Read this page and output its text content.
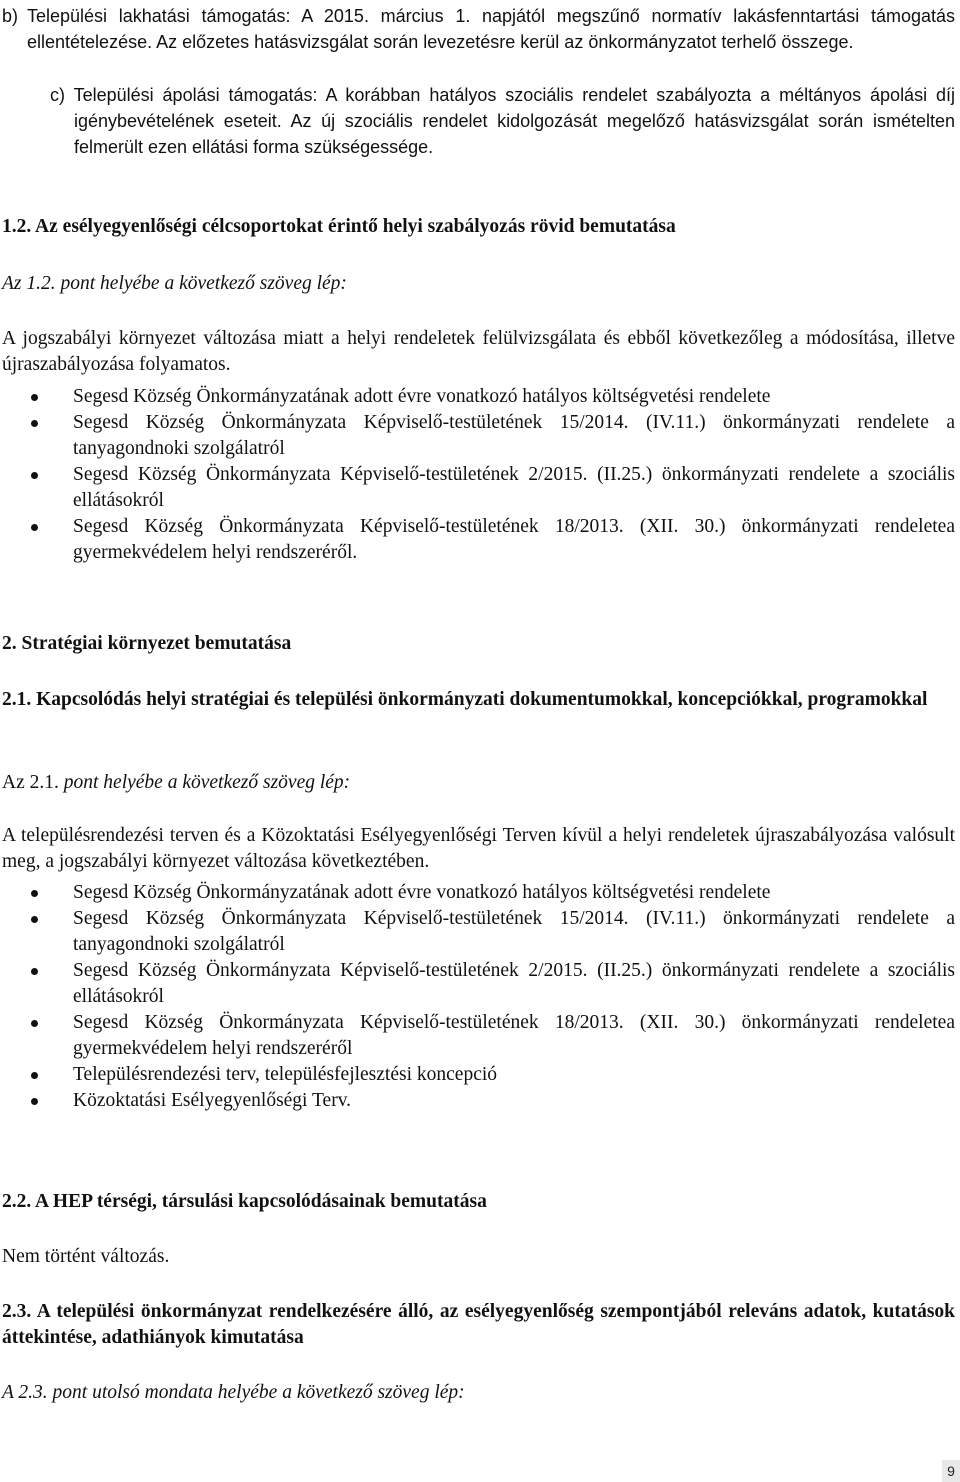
b) Települési lakhatási támogatás: A 2015. március 1. napjától megszűnő normatív lakásfenntartási támogatás ellentételezése. Az előzetes hatásvizsgálat során levezetésre kerül az önkormányzatot terhelő összege.

c) Települési ápolási támogatás: A korábban hatályos szociális rendelet szabályozta a méltányos ápolási díj igénybevételének eseteit. Az új szociális rendelet kidolgozását megelőző hatásvizsgálat során ismételten felmerült ezen ellátási forma szükségessége.

1.2. Az esélyegyenlőségi célcsoportokat érintő helyi szabályozás rövid bemutatása

Az 1.2. pont helyébe a következő szöveg lép:

A jogszabályi környezet változása miatt a helyi rendeletek felülvizsgálata és ebből következőleg a módosítása, illetve újraszabályozása folyamatos.

Segesd Község Önkormányzatának adott évre vonatkozó hatályos költségvetési rendelete
Segesd Község Önkormányzata Képviselő-testületének 15/2014. (IV.11.) önkormányzati rendelete a tanyagondnoki szolgálatról
Segesd Község Önkormányzata Képviselő-testületének 2/2015. (II.25.) önkormányzati rendelete a szociális ellátásokról
Segesd Község Önkormányzata Képviselő-testületének 18/2013. (XII. 30.) önkormányzati rendeletea gyermekvédelem helyi rendszeréről.

2. Stratégiai környezet bemutatása

2.1. Kapcsolódás helyi stratégiai és települési önkormányzati dokumentumokkal, koncepciókkal, programokkal

Az 2.1. pont helyébe a következő szöveg lép:

A településrendezési terven és a Közoktatási Esélyegyenlőségi Terven kívül a helyi rendeletek újraszabályozása valósult meg, a jogszabályi környezet változása következtében.

Segesd Község Önkormányzatának adott évre vonatkozó hatályos költségvetési rendelete
Segesd Község Önkormányzata Képviselő-testületének 15/2014. (IV.11.) önkormányzati rendelete a tanyagondnoki szolgálatról
Segesd Község Önkormányzata Képviselő-testületének 2/2015. (II.25.) önkormányzati rendelete a szociális ellátásokról
Segesd Község Önkormányzata Képviselő-testületének 18/2013. (XII. 30.) önkormányzati rendeletea gyermekvédelem helyi rendszeréről
Településrendezési terv, településfejlesztési koncepció
Közoktatási Esélyegyenlőségi Terv.

2.2. A HEP térségi, társulási kapcsolódásainak bemutatása

Nem történt változás.

2.3. A települési önkormányzat rendelkezésére álló, az esélyegyenlőség szempontjából releváns adatok, kutatások áttekintése, adathiányok kimutatása

A 2.3. pont utolsó mondata helyébe a következő szöveg lép:

9
